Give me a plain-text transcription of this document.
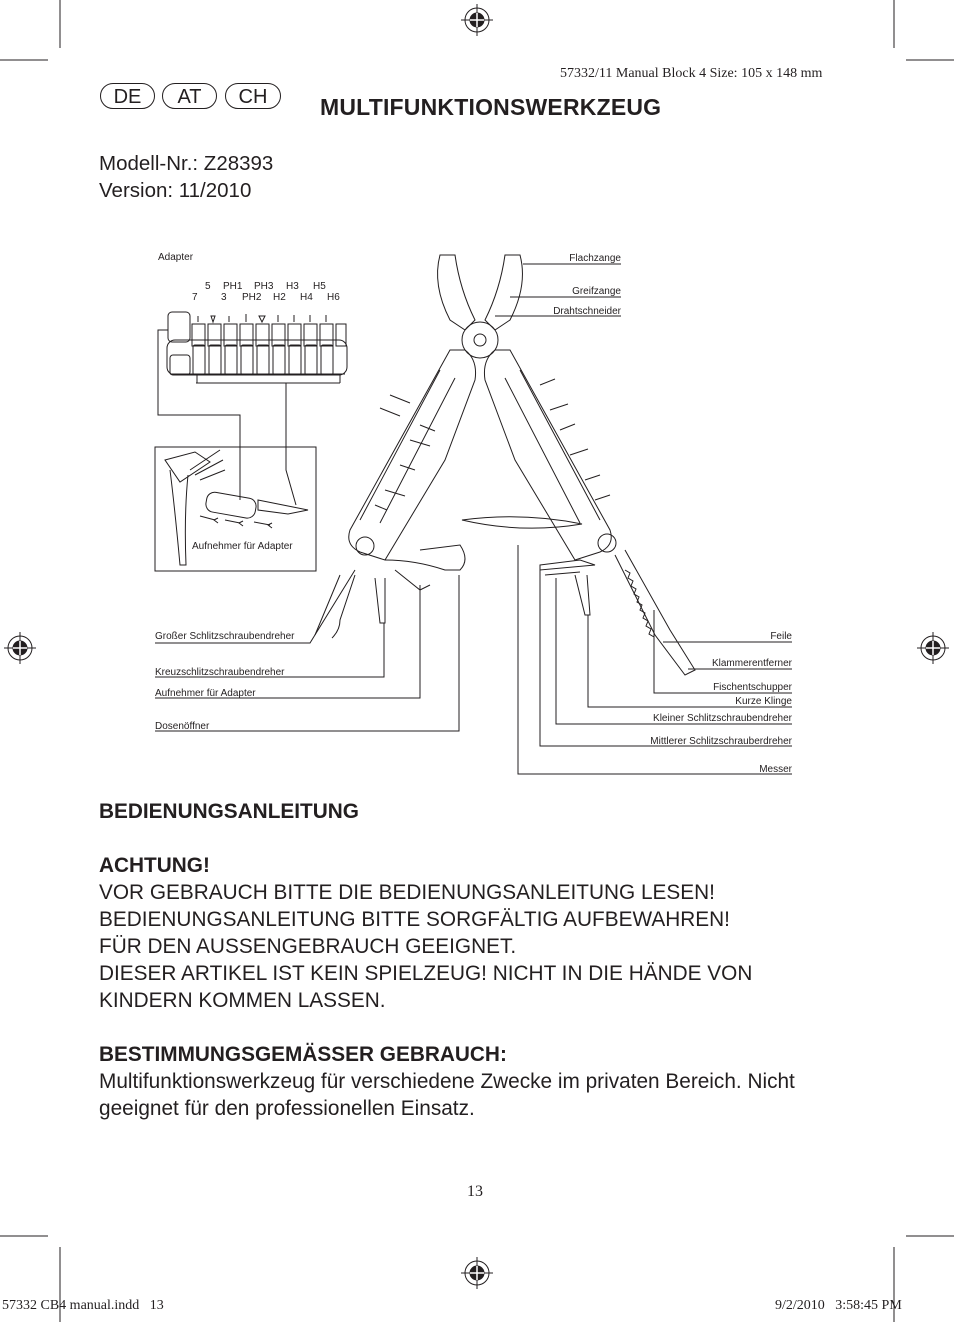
57332/11 Manual Block 4 Size: 105 x 148 mm
DE	AT	CH	MULTIFUNKTIONSWERKZEUG
Modell-Nr.: Z28393
Version: 11/2010
Adapter
5 PH1 PH3 H3 H5
7 3 PH2 H2 H4 H6
Aufnehmer für Adapter
Großer Schlitzschraubendreher
Kreuzschlitzschraubendreher
Aufnehmer für Adapter
Dosenöffner
Flachzange
Greifzange
Drahtschneider
Feile
Klammerentferner
Fischentschupper
Kurze Klinge
Kleiner Schlitzschraubendreher
Mittlerer Schlitzschrauberdreher
Messer
BEDIENUNGSANLEITUNG
ACHTUNG!
VOR GEBRAUCH BITTE DIE BEDIENUNGSANLEITUNG LESEN!
BEDIENUNGSANLEITUNG BITTE SORGFÄLTIG AUFBEWAHREN!
FÜR DEN AUSSENGEBRAUCH GEEIGNET.
DIESER ARTIKEL IST KEIN SPIELZEUG! NICHT IN DIE HÄNDE VON KINDERN KOMMEN LASSEN.
BESTIMMUNGSGEMÄSSER GEBRAUCH:
Multifunktionswerkzeug für verschiedene Zwecke im privaten Bereich. Nicht geeignet für den professionellen Einsatz.
13
57332 CB4 manual.indd   13	9/2/2010   3:58:45 PM
